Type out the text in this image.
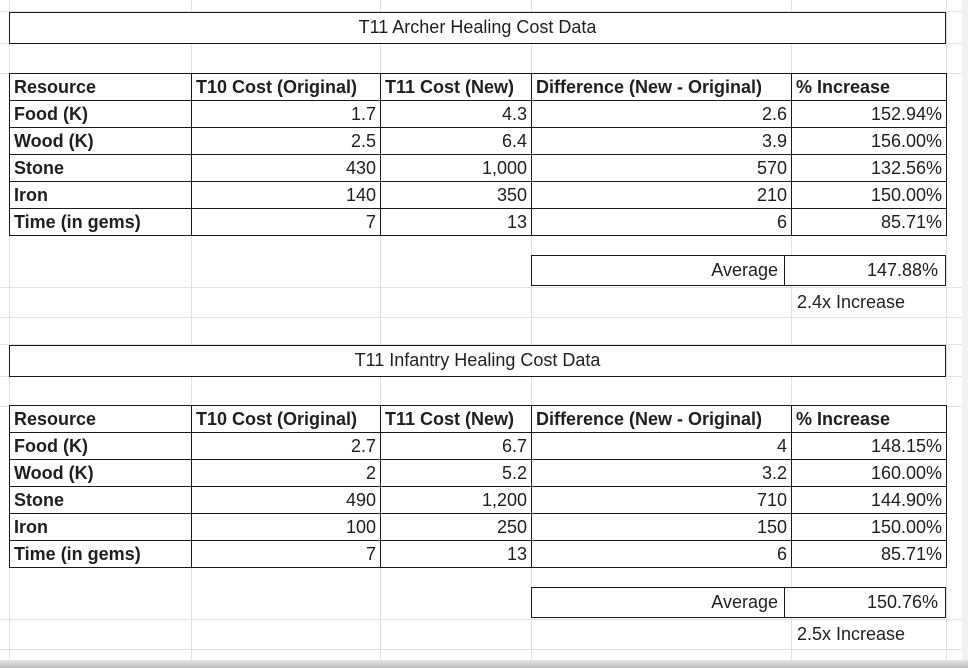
T11 Archer Healing Cost Data
Resource	T10 Cost (Original)	T11 Cost (New)	Difference (New - Original)	% Increase
Food (K)	1.7	4.3	2.6	152.94%
Wood (K)	2.5	6.4	3.9	156.00%
Stone	430	1,000	570	132.56%
Iron	140	350	210	150.00%
Time (in gems)	7	13	6	85.71%
Average	147.88%
2.4x Increase
T11 Infantry Healing Cost Data
Resource	T10 Cost (Original)	T11 Cost (New)	Difference (New - Original)	% Increase
Food (K)	2.7	6.7	4	148.15%
Wood (K)	2	5.2	3.2	160.00%
Stone	490	1,200	710	144.90%
Iron	100	250	150	150.00%
Time (in gems)	7	13	6	85.71%
Average	150.76%
2.5x Increase
